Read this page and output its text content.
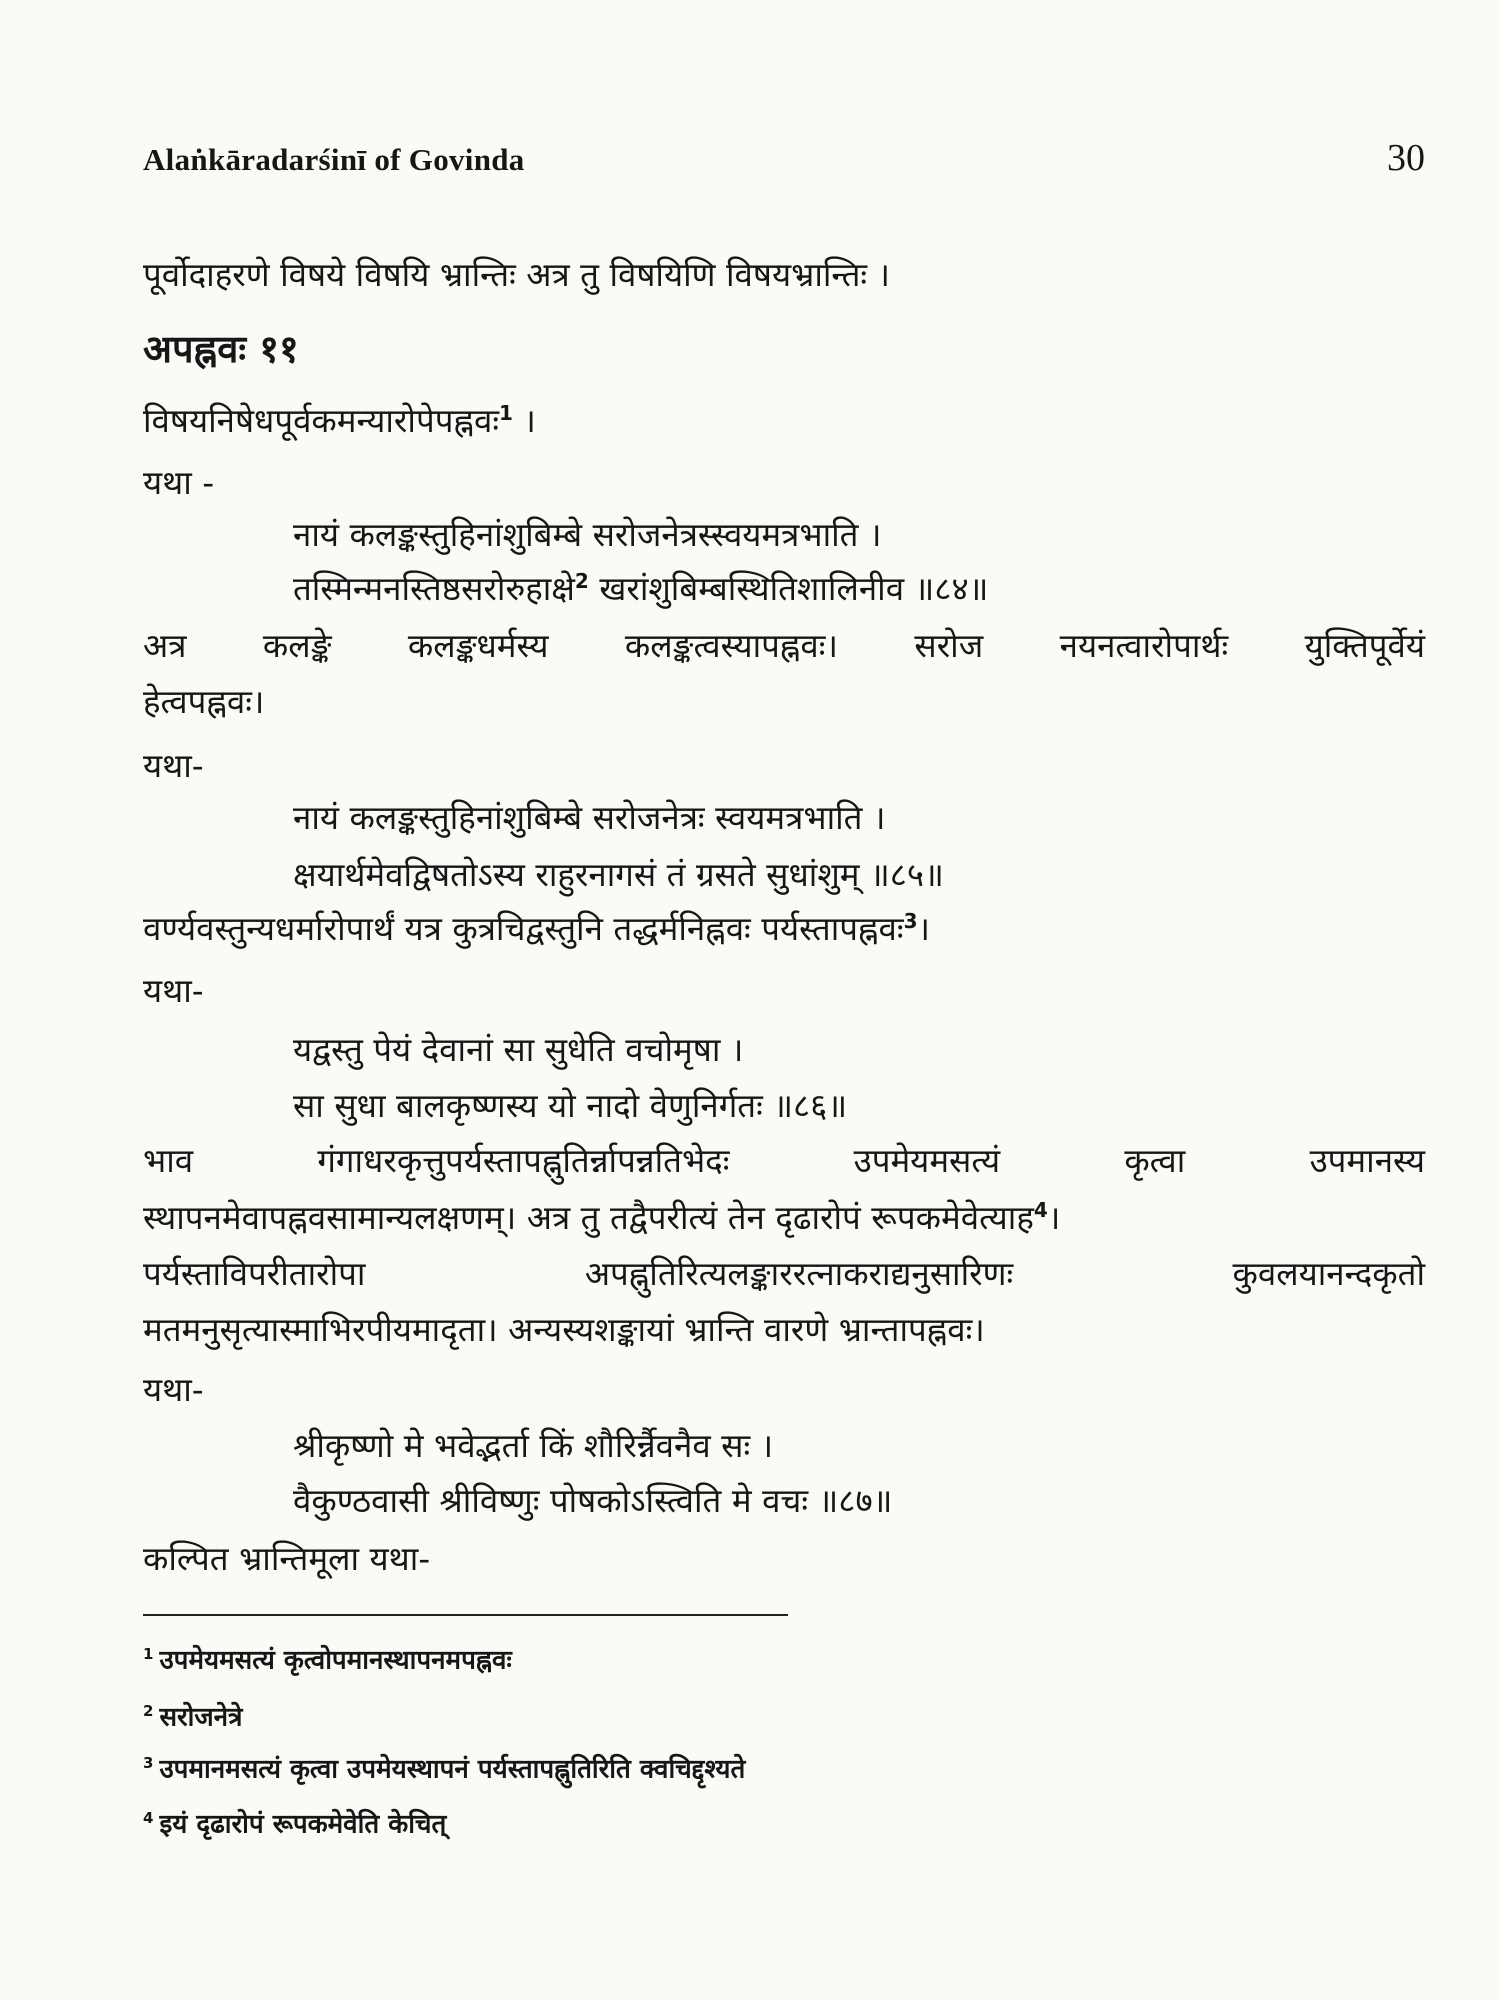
Alaṅkāradarśinī of Govinda	30
पूर्वोदाहरणे विषये विषयि भ्रान्तिः अत्र तु विषयिणि विषयभ्रान्तिः ।
अपह्नवः ११
विषयनिषेधपूर्वकमन्यारोपेपह्नवः$^1$ ।
यथा -
नायं कलङ्कस्तुहिनांशुबिम्बे सरोजनेत्रस्स्वयमत्रभाति ।
तस्मिन्मनस्तिष्ठसरोरुहाक्षे$^2$ खरांशुबिम्बस्थितिशालिनीव ॥८४॥
अत्र कलङ्के कलङ्कधर्मस्य कलङ्कत्वस्यापह्नवः। सरोज नयनत्वारोपार्थः युक्तिपूर्वेयं
हेत्वपह्नवः।
यथा-
नायं कलङ्कस्तुहिनांशुबिम्बे सरोजनेत्रः स्वयमत्रभाति ।
क्षयार्थमेवद्विषतोऽस्य राहुरनागसं तं ग्रसते सुधांशुम् ॥८५॥
वर्ण्यवस्तुन्यधर्मारोपार्थं यत्र कुत्रचिद्वस्तुनि तद्धर्मनिह्नवः पर्यस्तापह्नवः$^3$।
यथा-
यद्वस्तु पेयं देवानां सा सुधेति वचोमृषा ।
सा सुधा बालकृष्णस्य यो नादो वेणुनिर्गतः ॥८६॥
भाव गंगाधरकृत्तुपर्यस्तापह्नुतिर्न्नापन्नतिभेदः उपमेयमसत्यं कृत्वा उपमानस्य
स्थापनमेवापह्नवसामान्यलक्षणम्। अत्र तु तद्वैपरीत्यं तेन दृढारोपं रूपकमेवेत्याह$^4$।
पर्यस्ताविपरीतारोपा अपह्नुतिरित्यलङ्काररत्नाकराद्यनुसारिणः कुवलयानन्दकृतो
मतमनुसृत्यास्माभिरपीयमादृता। अन्यस्यशङ्कायां भ्रान्ति वारणे भ्रान्तापह्नवः।
यथा-
श्रीकृष्णो मे भवेद्भर्ता किं शौरिर्न्नैवनैव सः ।
वैकुण्ठवासी श्रीविष्णुः पोषकोऽस्त्विति मे वचः ॥८७॥
कल्पित भ्रान्तिमूला यथा-
$^1$ उपमेयमसत्यं कृत्वोपमानस्थापनमपह्नवः
$^2$ सरोजनेत्रे
$^3$ उपमानमसत्यं कृत्वा उपमेयस्थापनं पर्यस्तापह्नुतिरिति क्वचिद्दृश्यते
$^4$ इयं दृढारोपं रूपकमेवेति केचित्
